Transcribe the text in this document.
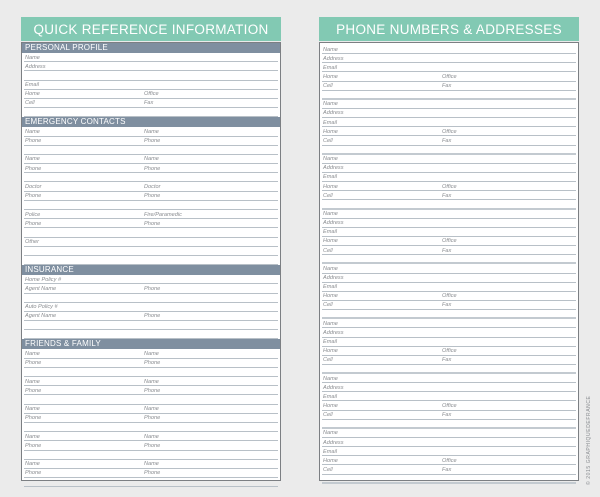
QUICK REFERENCE INFORMATION
PERSONAL PROFILE
Name
Address
Email
Home	Office
Cell	Fax
EMERGENCY CONTACTS
Name	Name
Phone	Phone
Name	Name
Phone	Phone
Doctor	Doctor
Phone	Phone
Police	Fire/Paramedic
Phone	Phone
Other
INSURANCE
Home Policy #
Agent Name	Phone
Auto Policy #
Agent Name	Phone
FRIENDS & FAMILY
Name	Name
Phone	Phone
Name	Name
Phone	Phone
Name	Name
Phone	Phone
Name	Name
Phone	Phone
Name	Name
Phone	Phone
PHONE NUMBERS & ADDRESSES
Name
Address
Email
Home	Office
Cell	Fax
Name
Address
Email
Home	Office
Cell	Fax
Name
Address
Email
Home	Office
Cell	Fax
Name
Address
Email
Home	Office
Cell	Fax
Name
Address
Email
Home	Office
Cell	Fax
Name
Address
Email
Home	Office
Cell	Fax
Name
Address
Email
Home	Office
Cell	Fax
Name
Address
Email
Home	Office
Cell	Fax	© 2015 GRAPHIQUEDEFRANCE
